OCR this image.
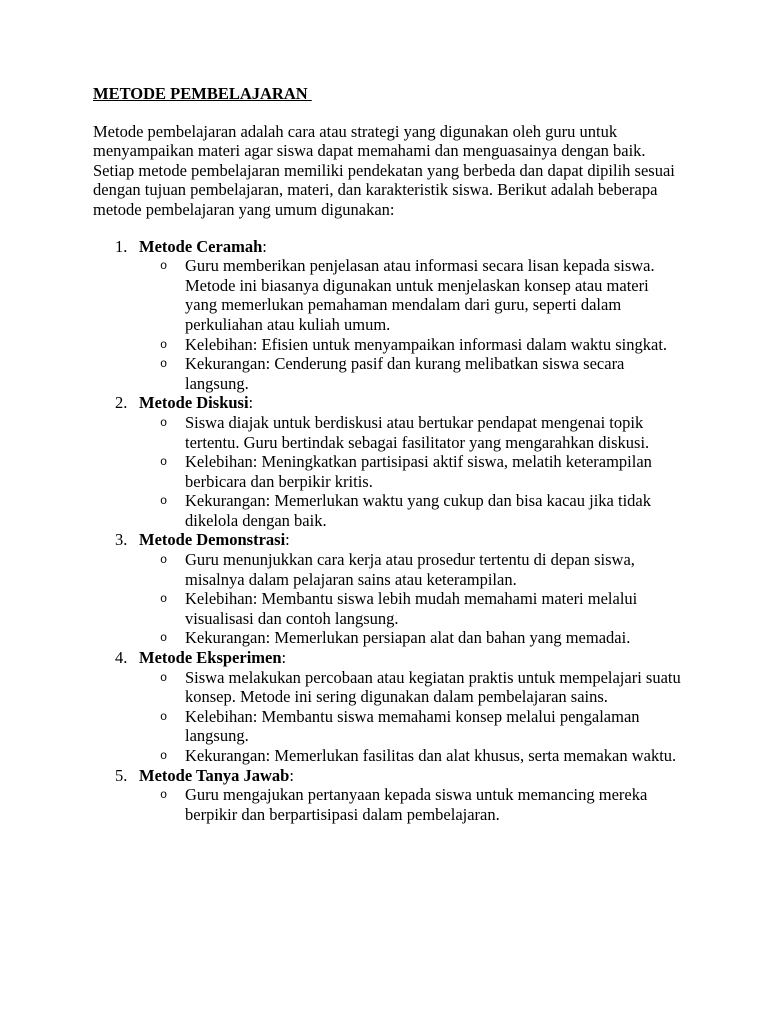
METODE PEMBELAJARAN

Metode pembelajaran adalah cara atau strategi yang digunakan oleh guru untuk menyampaikan materi agar siswa dapat memahami dan menguasainya dengan baik. Setiap metode pembelajaran memiliki pendekatan yang berbeda dan dapat dipilih sesuai dengan tujuan pembelajaran, materi, dan karakteristik siswa. Berikut adalah beberapa metode pembelajaran yang umum digunakan:

1. Metode Ceramah:
o Guru memberikan penjelasan atau informasi secara lisan kepada siswa. Metode ini biasanya digunakan untuk menjelaskan konsep atau materi yang memerlukan pemahaman mendalam dari guru, seperti dalam perkuliahan atau kuliah umum.
o Kelebihan: Efisien untuk menyampaikan informasi dalam waktu singkat.
o Kekurangan: Cenderung pasif dan kurang melibatkan siswa secara langsung.
2. Metode Diskusi:
o Siswa diajak untuk berdiskusi atau bertukar pendapat mengenai topik tertentu. Guru bertindak sebagai fasilitator yang mengarahkan diskusi.
o Kelebihan: Meningkatkan partisipasi aktif siswa, melatih keterampilan berbicara dan berpikir kritis.
o Kekurangan: Memerlukan waktu yang cukup dan bisa kacau jika tidak dikelola dengan baik.
3. Metode Demonstrasi:
o Guru menunjukkan cara kerja atau prosedur tertentu di depan siswa, misalnya dalam pelajaran sains atau keterampilan.
o Kelebihan: Membantu siswa lebih mudah memahami materi melalui visualisasi dan contoh langsung.
o Kekurangan: Memerlukan persiapan alat dan bahan yang memadai.
4. Metode Eksperimen:
o Siswa melakukan percobaan atau kegiatan praktis untuk mempelajari suatu konsep. Metode ini sering digunakan dalam pembelajaran sains.
o Kelebihan: Membantu siswa memahami konsep melalui pengalaman langsung.
o Kekurangan: Memerlukan fasilitas dan alat khusus, serta memakan waktu.
5. Metode Tanya Jawab:
o Guru mengajukan pertanyaan kepada siswa untuk memancing mereka berpikir dan berpartisipasi dalam pembelajaran.
